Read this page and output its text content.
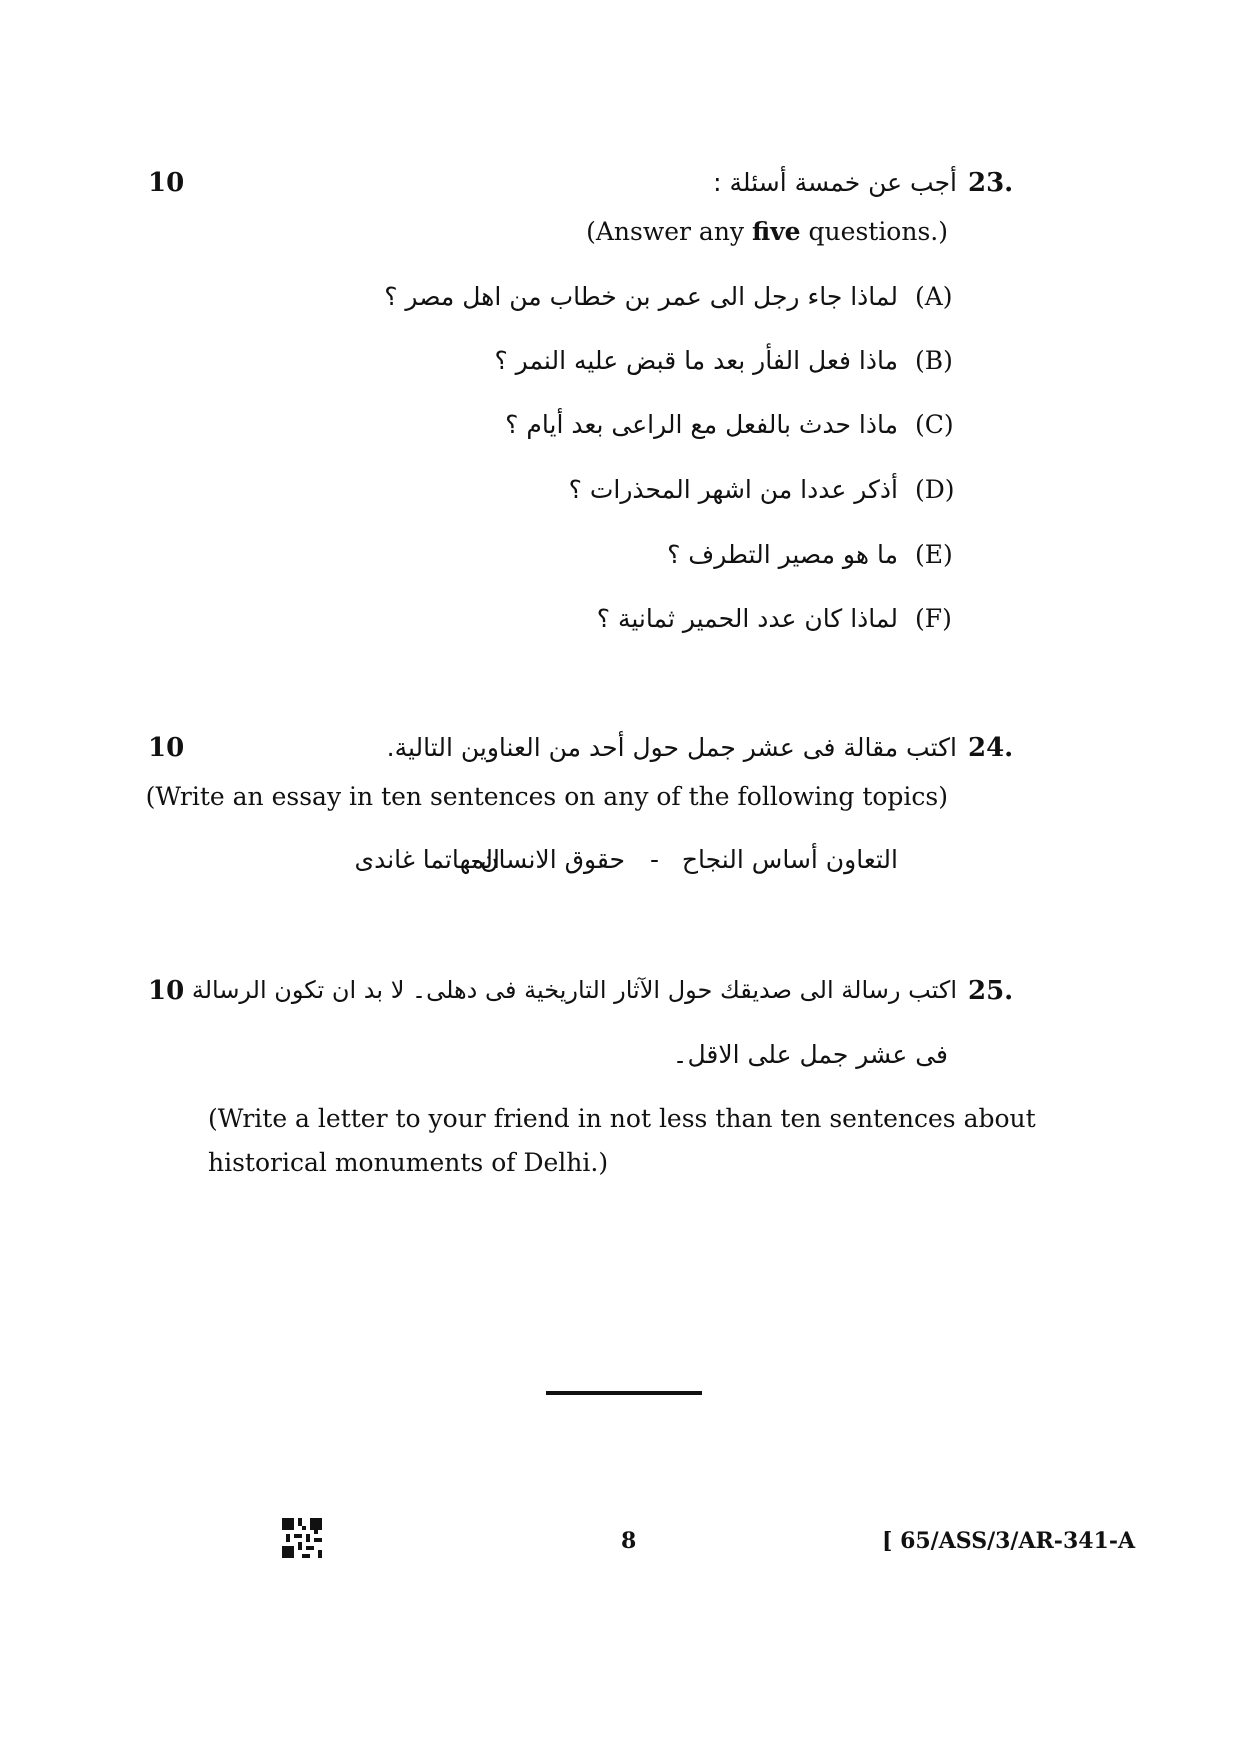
10	23.
أجب عن خمسة أسئلة :
(Answer any five questions.)
(A)
لماذا جاء رجل الى عمر بن خطاب من اهل مصر ؟
(B)
ماذا فعل الفأر بعد ما قبض عليه النمر ؟
(C)
ماذا حدث بالفعل مع الراعى بعد أيام ؟
(D)
أذكر عددا من اشهر المحذرات ؟
(E)
ما هو مصير التطرف ؟
(F)
لماذا كان عدد الحمير ثمانية ؟
10	24.
اكتب مقالة فى عشر جمل حول أحد من العناوين التالية.
(Write an essay in ten sentences on any of the following topics)
التعاون أساس النجاح
-
حقوق الانسان-
المهاتما غاندى
10	25.
اكتب رسالة الى صديقك حول الآثار التاريخية فى دهلى۔ لا بد ان تكون الرسالة
فى عشر جمل على الاقل۔
(Write a letter to your friend in not less than ten sentences about
historical monuments of Delhi.)
8	[ 65/ASS/3/AR-341-A
